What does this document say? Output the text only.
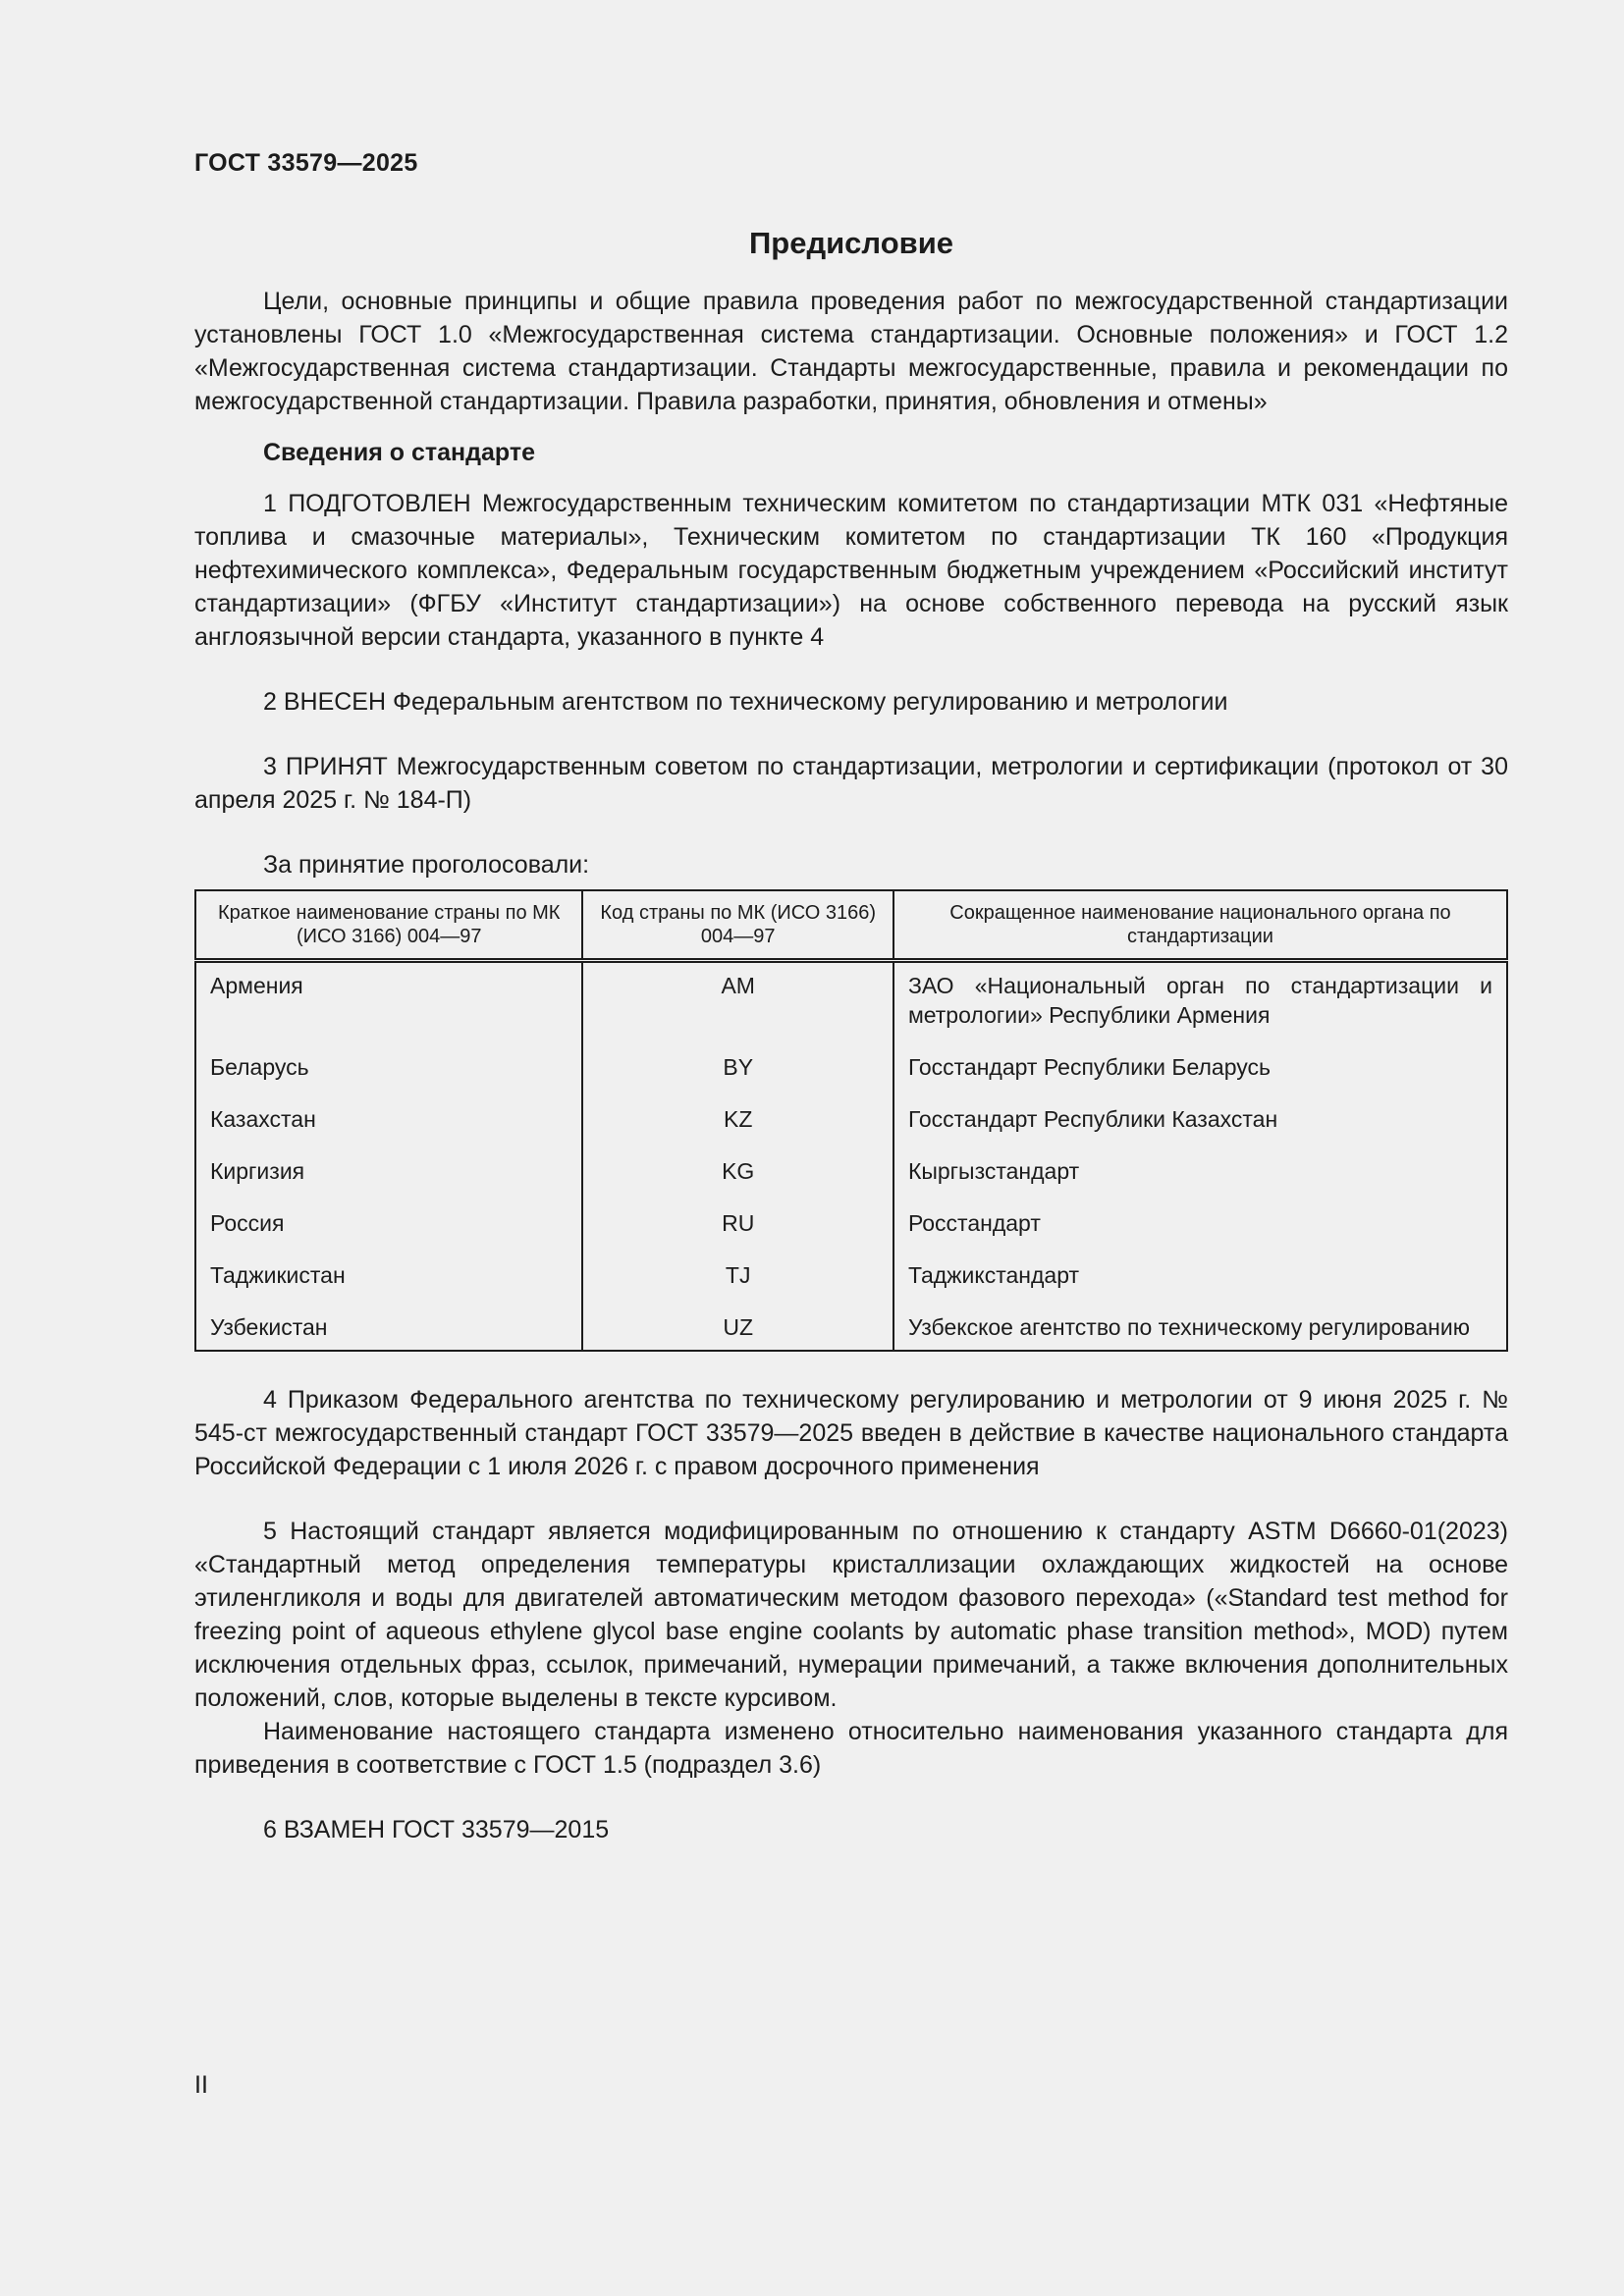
ГОСТ 33579—2025
Предисловие

Цели, основные принципы и общие правила проведения работ по межгосударственной стандартизации установлены ГОСТ 1.0 «Межгосударственная система стандартизации. Основные положения» и ГОСТ 1.2 «Межгосударственная система стандартизации. Стандарты межгосударственные, правила и рекомендации по межгосударственной стандартизации. Правила разработки, принятия, обновления и отмены»

Сведения о стандарте

1 ПОДГОТОВЛЕН Межгосударственным техническим комитетом по стандартизации МТК 031 «Нефтяные топлива и смазочные материалы», Техническим комитетом по стандартизации ТК 160 «Продукция нефтехимического комплекса», Федеральным государственным бюджетным учреждением «Российский институт стандартизации» (ФГБУ «Институт стандартизации») на основе собственного перевода на русский язык англоязычной версии стандарта, указанного в пункте 4

2 ВНЕСЕН Федеральным агентством по техническому регулированию и метрологии

3 ПРИНЯТ Межгосударственным советом по стандартизации, метрологии и сертификации (протокол от 30 апреля 2025 г. № 184-П)

За принятие проголосовали:
Краткое наименование страны по МК (ИСО 3166) 004—97	Код страны по МК (ИСО 3166) 004—97	Сокращенное наименование национального органа по стандартизации
Армения	AM	ЗАО «Национальный орган по стандартизации и метрологии» Республики Армения
Беларусь	BY	Госстандарт Республики Беларусь
Казахстан	KZ	Госстандарт Республики Казахстан
Киргизия	KG	Кыргызстандарт
Россия	RU	Росстандарт
Таджикистан	TJ	Таджикстандарт
Узбекистан	UZ	Узбекское агентство по техническому регулированию

4 Приказом Федерального агентства по техническому регулированию и метрологии от 9 июня 2025 г. № 545-ст межгосударственный стандарт ГОСТ 33579—2025 введен в действие в качестве национального стандарта Российской Федерации с 1 июля 2026 г. с правом досрочного применения

5 Настоящий стандарт является модифицированным по отношению к стандарту ASTM D6660-01(2023) «Стандартный метод определения температуры кристаллизации охлаждающих жидкостей на основе этиленгликоля и воды для двигателей автоматическим методом фазового перехода» («Standard test method for freezing point of aqueous ethylene glycol base engine coolants by automatic phase transition method», MOD) путем исключения отдельных фраз, ссылок, примечаний, нумерации примечаний, а также включения дополнительных положений, слов, которые выделены в тексте курсивом.

Наименование настоящего стандарта изменено относительно наименования указанного стандарта для приведения в соответствие с ГОСТ 1.5 (подраздел 3.6)

6 ВЗАМЕН ГОСТ 33579—2015

II
